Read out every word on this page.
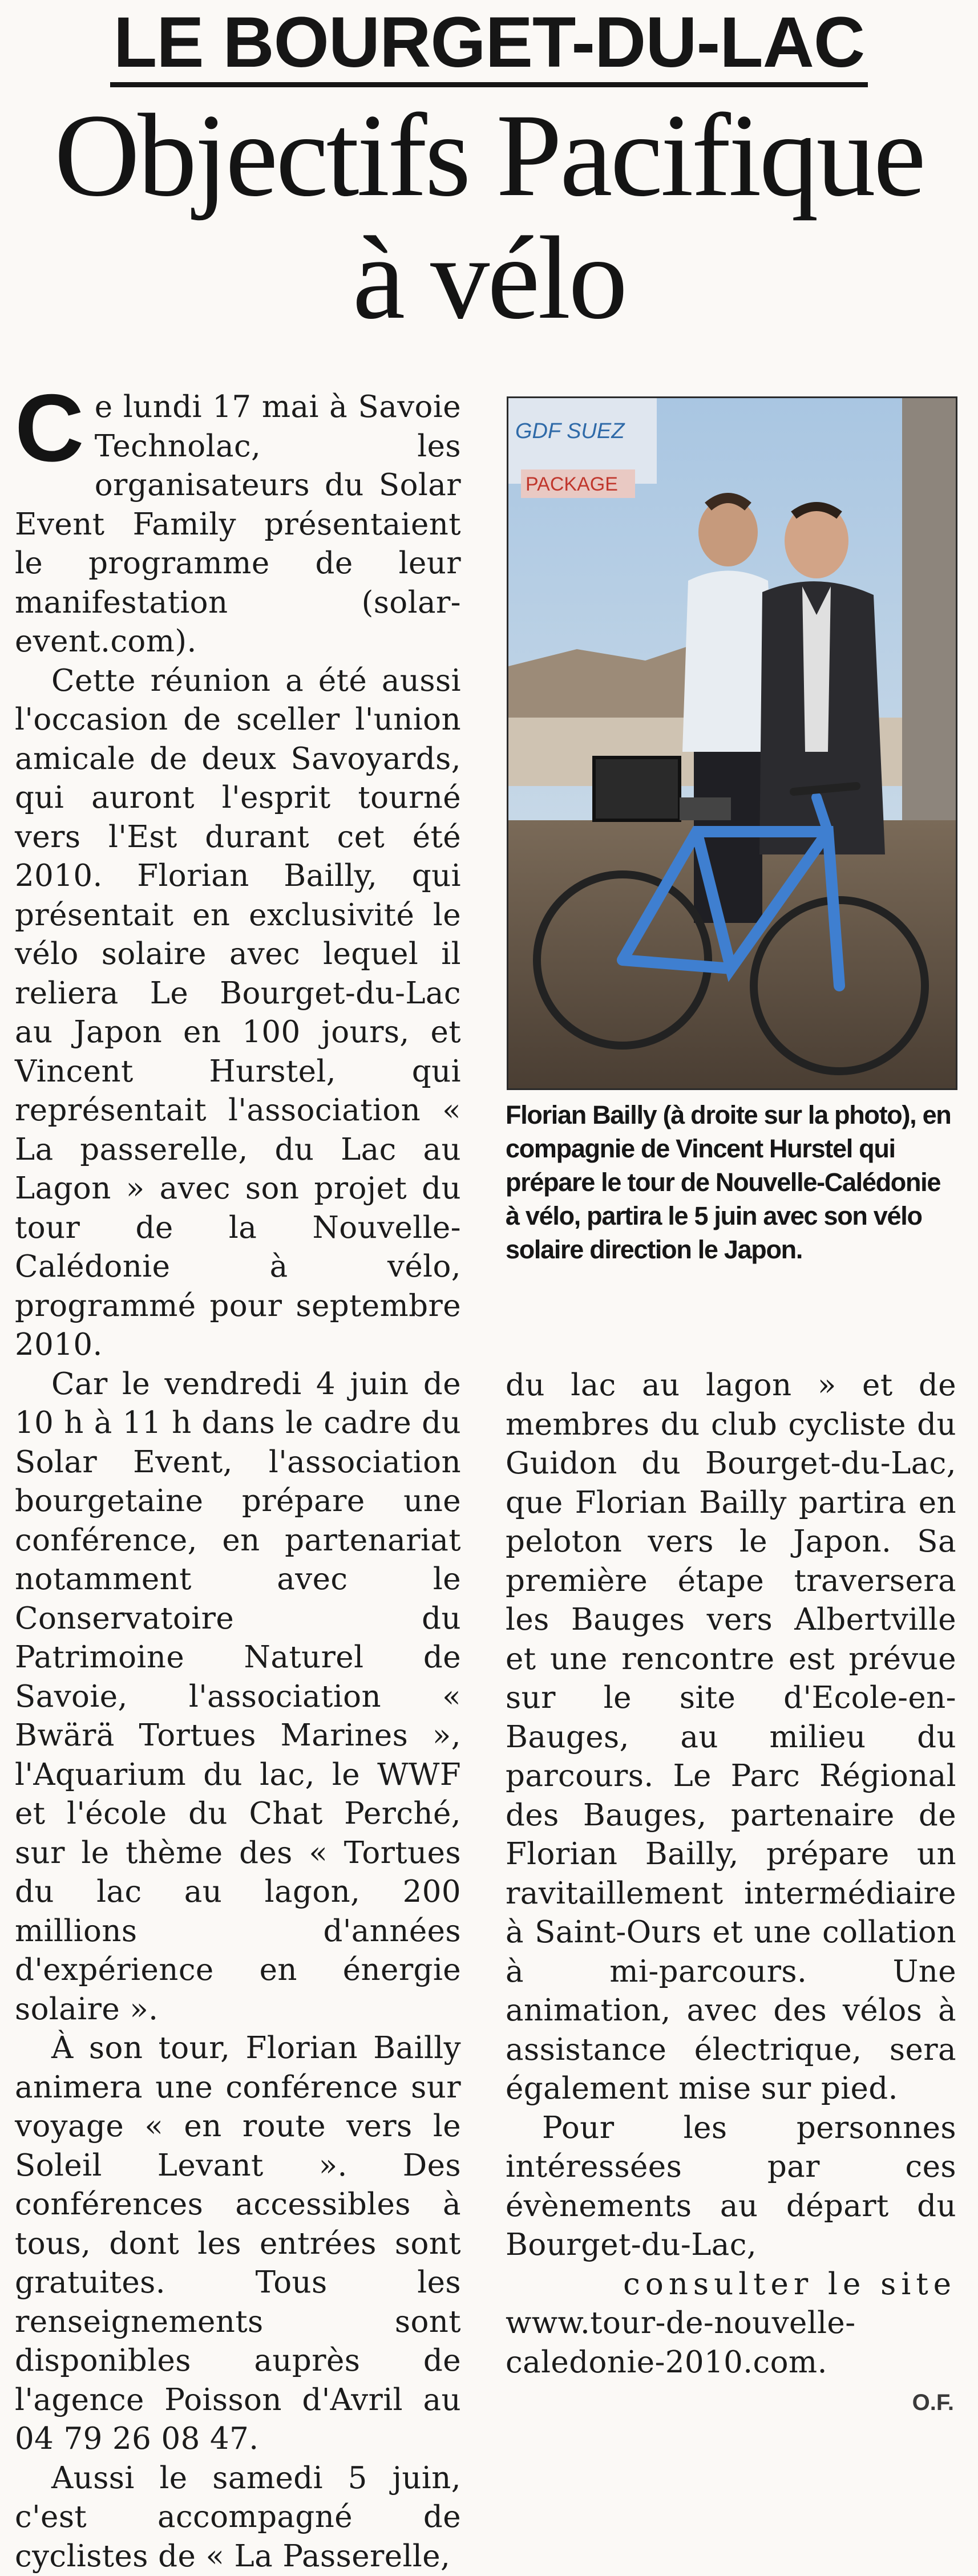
LE BOURGET-DU-LAC
Objectifs Pacifique
à vélo

Ce lundi 17 mai à Savoie Technolac, les organisateurs du Solar Event Family présentaient le programme de leur manifestation (solar-event.com).

Cette réunion a été aussi l'occasion de sceller l'union amicale de deux Savoyards, qui auront l'esprit tourné vers l'Est durant cet été 2010. Florian Bailly, qui présentait en exclusivité le vélo solaire avec lequel il reliera Le Bourget-du-Lac au Japon en 100 jours, et Vincent Hurstel, qui représentait l'association « La passerelle, du Lac au Lagon » avec son projet du tour de la Nouvelle-Calédonie à vélo, programmé pour septembre 2010.

Car le vendredi 4 juin de 10 h à 11 h dans le cadre du Solar Event, l'association bourgetaine prépare une conférence, en partenariat notamment avec le Conservatoire du Patrimoine Naturel de Savoie, l'association « Bwärä Tortues Marines », l'Aquarium du lac, le WWF et l'école du Chat Perché, sur le thème des « Tortues du lac au lagon, 200 millions d'années d'expérience en énergie solaire ».

À son tour, Florian Bailly animera une conférence sur voyage « en route vers le Soleil Levant ». Des conférences accessibles à tous, dont les entrées sont gratuites. Tous les renseignements sont disponibles auprès de l'agence Poisson d'Avril au 04 79 26 08 47.

Aussi le samedi 5 juin, c'est accompagné de cyclistes de « La Passerelle,

GDF SUEZ
PACKAGE
Florian Bailly (à droite sur la photo), en compagnie de Vincent Hurstel qui prépare le tour de Nouvelle-Calédonie à vélo, partira le 5 juin avec son vélo solaire direction le Japon.

du lac au lagon » et de membres du club cycliste du Guidon du Bourget-du-Lac, que Florian Bailly partira en peloton vers le Japon. Sa première étape traversera les Bauges vers Albertville et une rencontre est prévue sur le site d'Ecole-en-Bauges, au milieu du parcours. Le Parc Régional des Bauges, partenaire de Florian Bailly, prépare un ravitaillement intermédiaire à Saint-Ours et une collation à mi-parcours. Une animation, avec des vélos à assistance électrique, sera également mise sur pied.

Pour les personnes intéressées par ces évènements au départ du Bourget-du-Lac,

consulter le site

www.tour-de-nouvelle-caledonie-2010.com.

O.F.
